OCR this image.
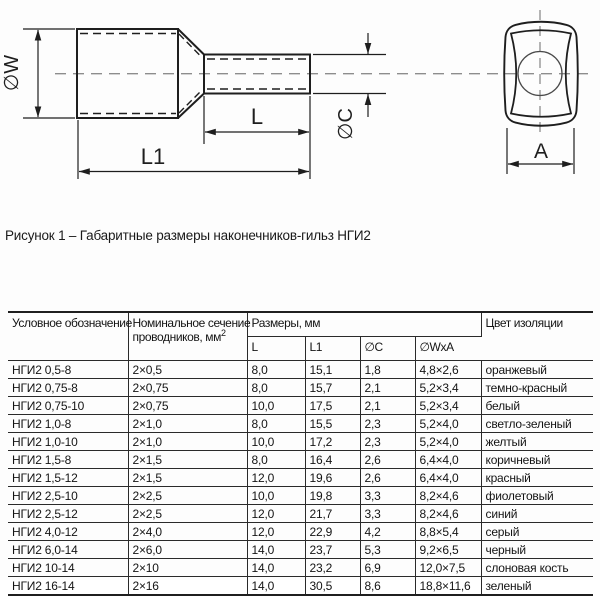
∅W
L
L1
∅C
A
Рисунок 1 – Габаритные размеры наконечников-гильз НГИ2
Условное обозначение	Номинальное сечение
проводников, $мм^2$	Размеры, мм				Цвет изоляции
		L	L1	∅C	∅WxA	
НГИ2 0,5-8	2×0,5	8,0	15,1	1,8	4,8×2,6	оранжевый
НГИ2 0,75-8	2×0,75	8,0	15,7	2,1	5,2×3,4	темно-красный
НГИ2 0,75-10	2×0,75	10,0	17,5	2,1	5,2×3,4	белый
НГИ2 1,0-8	2×1,0	8,0	15,5	2,3	5,2×4,0	светло-зеленый
НГИ2 1,0-10	2×1,0	10,0	17,2	2,3	5,2×4,0	желтый
НГИ2 1,5-8	2×1,5	8,0	16,4	2,6	6,4×4,0	коричневый
НГИ2 1,5-12	2×1,5	12,0	19,6	2,6	6,4×4,0	красный
НГИ2 2,5-10	2×2,5	10,0	19,8	3,3	8,2×4,6	фиолетовый
НГИ2 2,5-12	2×2,5	12,0	21,7	3,3	8,2×4,6	синий
НГИ2 4,0-12	2×4,0	12,0	22,9	4,2	8,8×5,4	серый
НГИ2 6,0-14	2×6,0	14,0	23,7	5,3	9,2×6,5	черный
НГИ2 10-14	2×10	14,0	23,2	6,9	12,0×7,5	слоновая кость
НГИ2 16-14	2×16	14,0	30,5	8,6	18,8×11,6	зеленый
